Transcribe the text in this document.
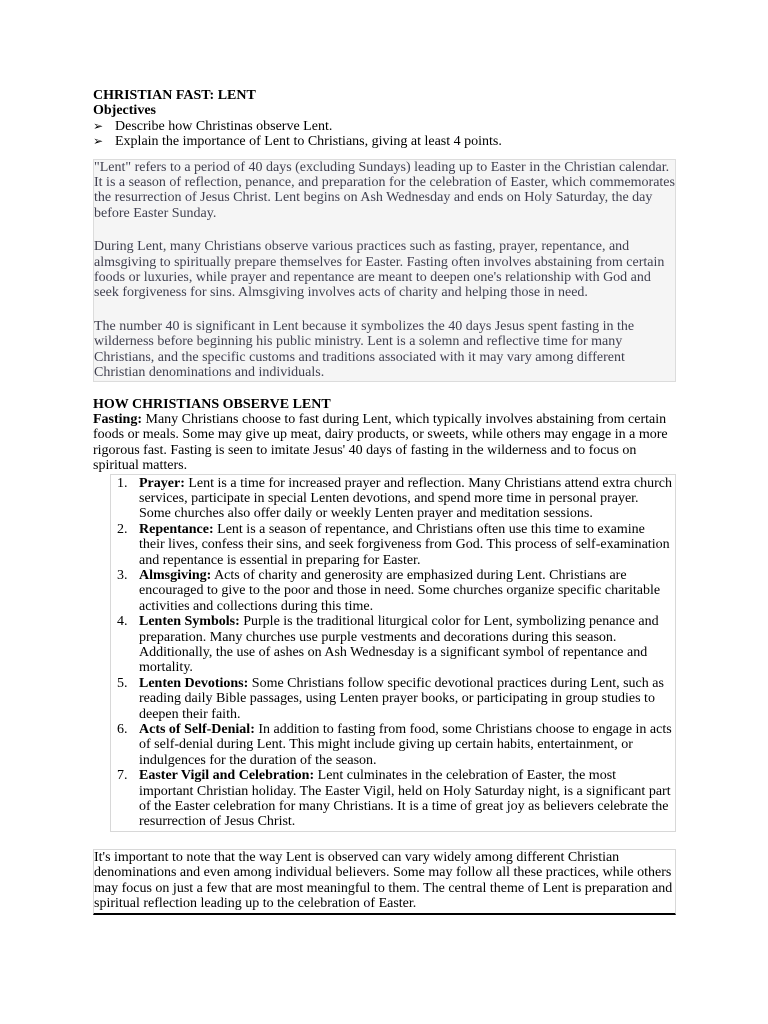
CHRISTIAN FAST: LENT
Objectives
➢ Describe how Christinas observe Lent.
➢ Explain the importance of Lent to Christians, giving at least 4 points.

"Lent" refers to a period of 40 days (excluding Sundays) leading up to Easter in the Christian calendar. It is a season of reflection, penance, and preparation for the celebration of Easter, which commemorates the resurrection of Jesus Christ. Lent begins on Ash Wednesday and ends on Holy Saturday, the day before Easter Sunday.

During Lent, many Christians observe various practices such as fasting, prayer, repentance, and almsgiving to spiritually prepare themselves for Easter. Fasting often involves abstaining from certain foods or luxuries, while prayer and repentance are meant to deepen one's relationship with God and seek forgiveness for sins. Almsgiving involves acts of charity and helping those in need.

The number 40 is significant in Lent because it symbolizes the 40 days Jesus spent fasting in the wilderness before beginning his public ministry. Lent is a solemn and reflective time for many Christians, and the specific customs and traditions associated with it may vary among different Christian denominations and individuals.

HOW CHRISTIANS OBSERVE LENT
Fasting: Many Christians choose to fast during Lent, which typically involves abstaining from certain foods or meals. Some may give up meat, dairy products, or sweets, while others may engage in a more rigorous fast. Fasting is seen to imitate Jesus' 40 days of fasting in the wilderness and to focus on spiritual matters.
1. Prayer: Lent is a time for increased prayer and reflection. Many Christians attend extra church services, participate in special Lenten devotions, and spend more time in personal prayer. Some churches also offer daily or weekly Lenten prayer and meditation sessions.
2. Repentance: Lent is a season of repentance, and Christians often use this time to examine their lives, confess their sins, and seek forgiveness from God. This process of self-examination and repentance is essential in preparing for Easter.
3. Almsgiving: Acts of charity and generosity are emphasized during Lent. Christians are encouraged to give to the poor and those in need. Some churches organize specific charitable activities and collections during this time.
4. Lenten Symbols: Purple is the traditional liturgical color for Lent, symbolizing penance and preparation. Many churches use purple vestments and decorations during this season. Additionally, the use of ashes on Ash Wednesday is a significant symbol of repentance and mortality.
5. Lenten Devotions: Some Christians follow specific devotional practices during Lent, such as reading daily Bible passages, using Lenten prayer books, or participating in group studies to deepen their faith.
6. Acts of Self-Denial: In addition to fasting from food, some Christians choose to engage in acts of self-denial during Lent. This might include giving up certain habits, entertainment, or indulgences for the duration of the season.
7. Easter Vigil and Celebration: Lent culminates in the celebration of Easter, the most important Christian holiday. The Easter Vigil, held on Holy Saturday night, is a significant part of the Easter celebration for many Christians. It is a time of great joy as believers celebrate the resurrection of Jesus Christ.

It's important to note that the way Lent is observed can vary widely among different Christian denominations and even among individual believers. Some may follow all these practices, while others may focus on just a few that are most meaningful to them. The central theme of Lent is preparation and spiritual reflection leading up to the celebration of Easter.
